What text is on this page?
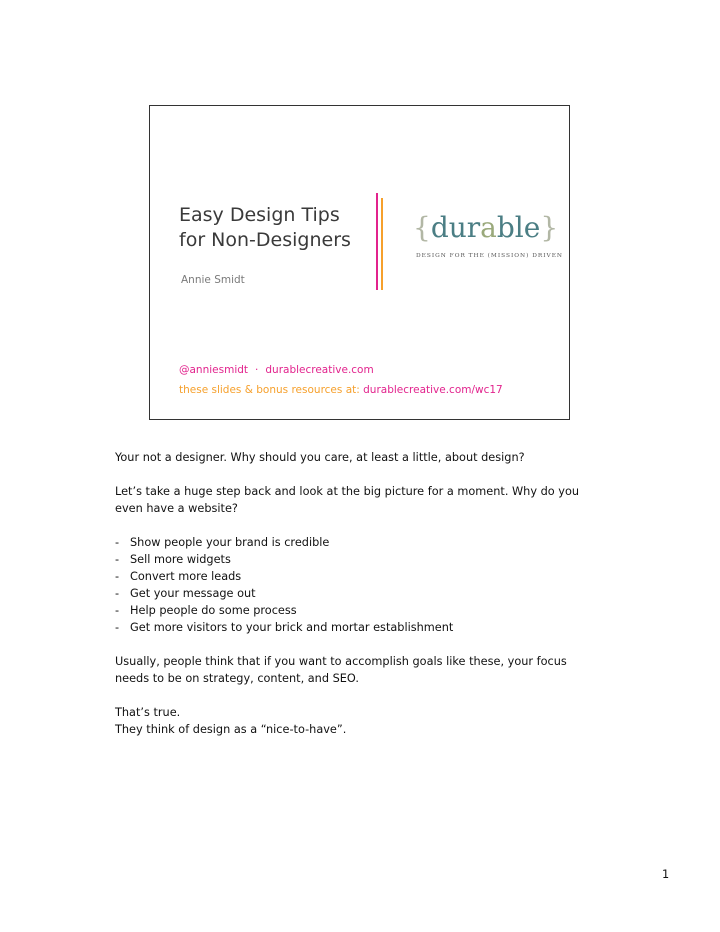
Easy Design Tips
for Non-Designers
Annie Smidt
{durable}
DESIGN FOR THE (MISSION) DRIVEN
@anniesmidt · durablecreative.com
these slides & bonus resources at: durablecreative.com/wc17

Your not a designer. Why should you care, at least a little, about design?

Let’s take a huge step back and look at the big picture for a moment. Why do you even have a website?

- Show people your brand is credible
- Sell more widgets
- Convert more leads
- Get your message out
- Help people do some process
- Get more visitors to your brick and mortar establishment

Usually, people think that if you want to accomplish goals like these, your focus needs to be on strategy, content, and SEO.

That’s true.

They think of design as a “nice-to-have”.

1
